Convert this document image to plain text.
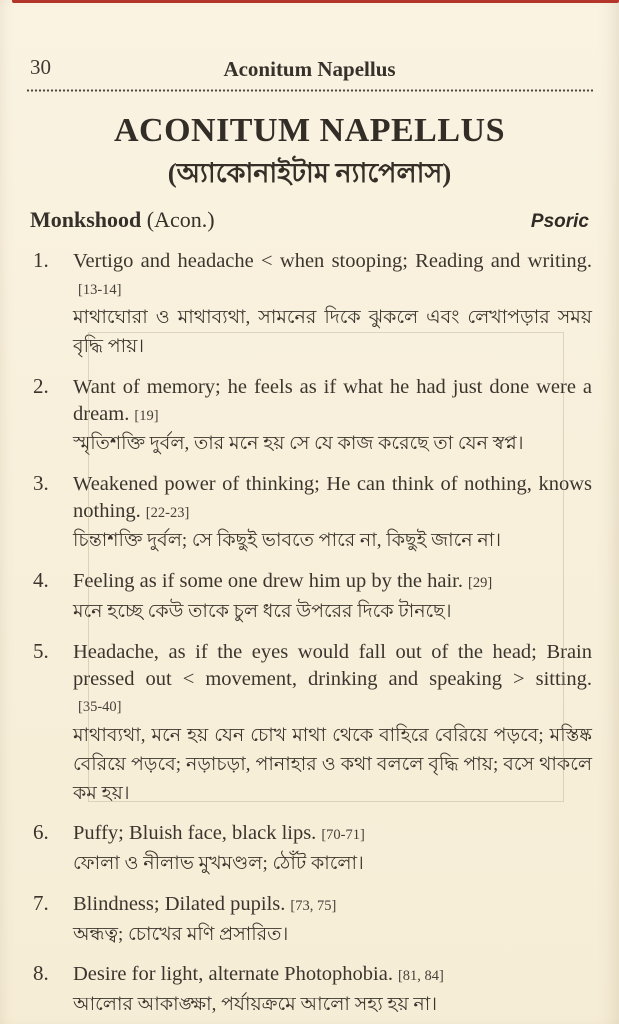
30	Aconitum Napellus
ACONITUM NAPELLUS
(অ্যাকোনাইটাম ন্যাপেলাস)
Monkshood (Acon.)	Psoric
1.	Vertigo and headache < when stooping; Reading and writing.[13-14]

মাথাঘোরা ও মাথাব্যথা, সামনের দিকে ঝুকলে এবং লেখাপড়ার সময় বৃদ্ধি পায়।

2.	Want of memory; he feels as if what he had just done were a dream. [19]

স্মৃতিশক্তি দুর্বল, তার মনে হয় সে যে কাজ করেছে তা যেন স্বপ্ন।

3.	Weakened power of thinking; He can think of nothing, knows nothing. [22-23]

চিন্তাশক্তি দুর্বল; সে কিছুই ভাবতে পারে না, কিছুই জানে না।

4.	Feeling as if some one drew him up by the hair. [29]

মনে হচ্ছে কেউ তাকে চুল ধরে উপরের দিকে টানছে।

5.	Headache, as if the eyes would fall out of the head; Brain pressed out < movement, drinking and speaking > sitting.[35-40]

মাথাব্যথা, মনে হয় যেন চোখ মাথা থেকে বাহিরে বেরিয়ে পড়বে; মস্তিষ্ক বেরিয়ে পড়বে; নড়াচড়া, পানাহার ও কথা বললে বৃদ্ধি পায়; বসে থাকলে কম হয়।

6.	Puffy; Bluish face, black lips. [70-71]

ফোলা ও নীলাভ মুখমণ্ডল; ঠোঁট কালো।

7.	Blindness; Dilated pupils. [73, 75]

অন্ধত্ব; চোখের মণি প্রসারিত।

8.	Desire for light, alternate Photophobia. [81, 84]

আলোর আকাঙ্ক্ষা, পর্যায়ক্রমে আলো সহ্য হয় না।
